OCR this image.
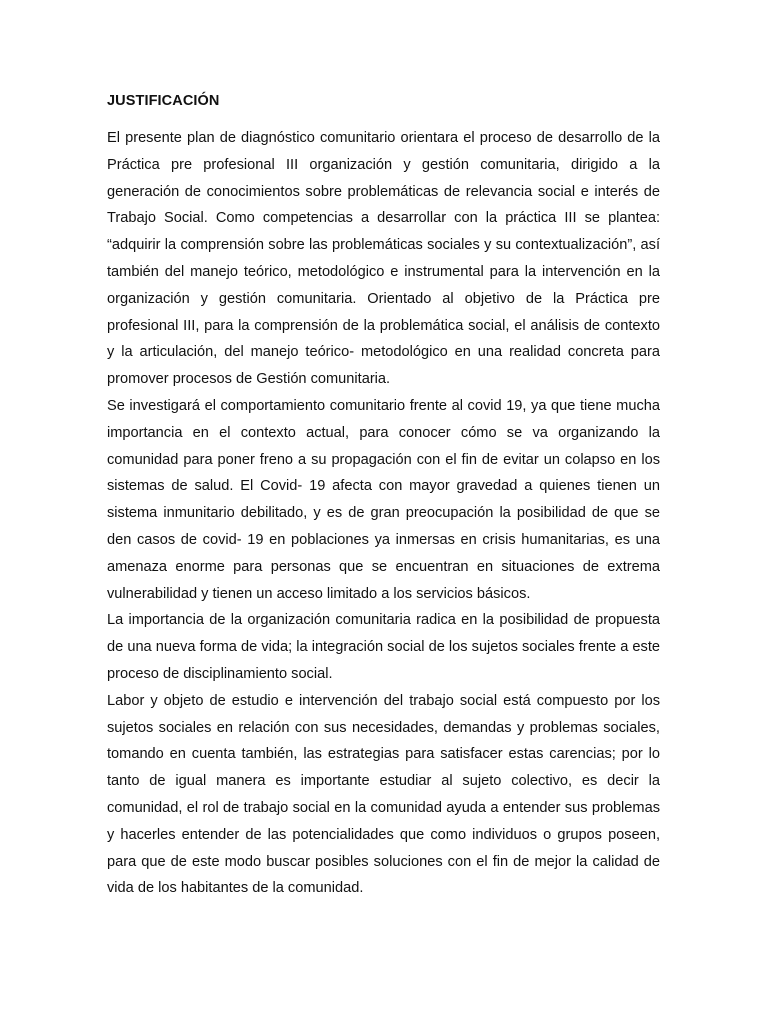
JUSTIFICACIÓN

El presente plan de diagnóstico comunitario orientara el proceso de desarrollo de la Práctica pre profesional III organización y gestión comunitaria, dirigido a la generación de conocimientos sobre problemáticas de relevancia social e interés de Trabajo Social. Como competencias a desarrollar con la práctica III se plantea: “adquirir la comprensión sobre las problemáticas sociales y su contextualización”, así también del manejo teórico, metodológico e instrumental para la intervención en la organización y gestión comunitaria. Orientado al objetivo de la Práctica pre profesional III, para la comprensión de la problemática social, el análisis de contexto y la articulación, del manejo teórico- metodológico en una realidad concreta para promover procesos de Gestión comunitaria.

Se investigará el comportamiento comunitario frente al covid 19, ya que tiene mucha importancia en el contexto actual, para conocer cómo se va organizando la comunidad para poner freno a su propagación con el fin de evitar un colapso en los sistemas de salud. El Covid- 19 afecta con mayor gravedad a quienes tienen un sistema inmunitario debilitado, y es de gran preocupación la posibilidad de que se den casos de covid- 19 en poblaciones ya inmersas en crisis humanitarias, es una amenaza enorme para personas que se encuentran en situaciones de extrema vulnerabilidad y tienen un acceso limitado a los servicios básicos.

La importancia de la organización comunitaria radica en la posibilidad de propuesta de una nueva forma de vida; la integración social de los sujetos sociales frente a este proceso de disciplinamiento social.

Labor y objeto de estudio e intervención del trabajo social está compuesto por los sujetos sociales en relación con sus necesidades, demandas y problemas sociales, tomando en cuenta también, las estrategias para satisfacer estas carencias; por lo tanto de igual manera es importante estudiar al sujeto colectivo, es decir la comunidad, el rol de trabajo social en la comunidad ayuda a entender sus problemas y hacerles entender de las potencialidades que como individuos o grupos poseen, para que de este modo buscar posibles soluciones con el fin de mejor la calidad de vida de los habitantes de la comunidad.
